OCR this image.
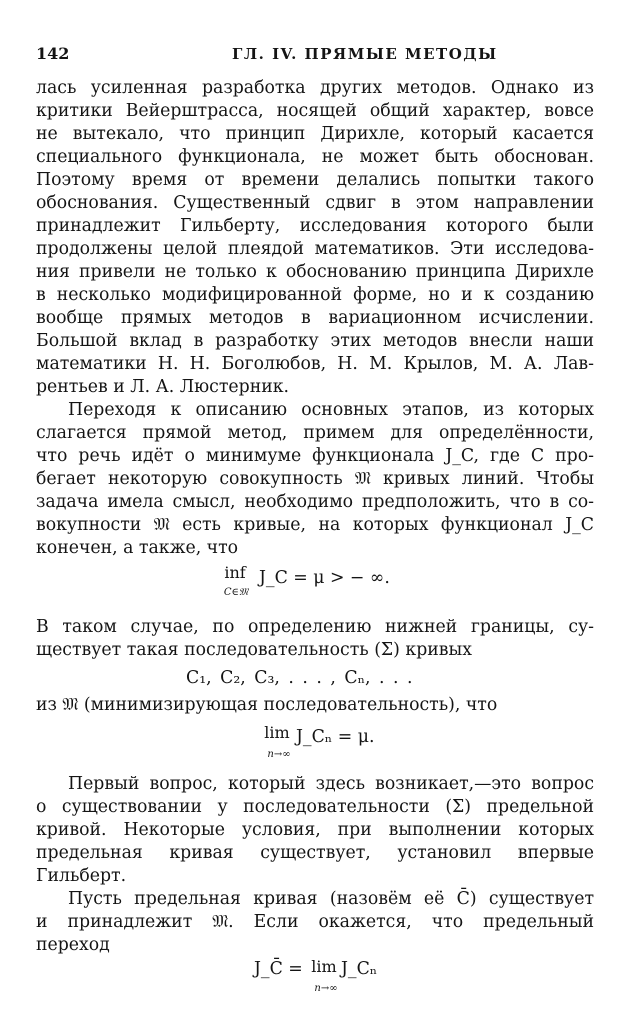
142	ГЛ. IV. ПРЯМЫЕ МЕТОДЫ
лась усиленная разработка других методов. Однако из
критики Вейерштрасса, носящей общий характер, вовсе
не вытекало, что принцип Дирихле, который касается
специального функционала, не может быть обоснован.
Поэтому время от времени делались попытки такого
обоснования. Существенный сдвиг в этом направлении
принадлежит Гильберту, исследования которого были
продолжены целой плеядой математиков. Эти исследова-
ния привели не только к обоснованию принципа Дирихле
в несколько модифицированной форме, но и к созданию
вообще прямых методов в вариационном исчислении.
Большой вклад в разработку этих методов внесли наши
математики Н. Н. Боголюбов, Н. М. Крылов, М. А. Лав-
рентьев и Л. А. Люстерник.
Переходя к описанию основных этапов, из которых
слагается прямой метод, примем для определённости,
что речь идёт о минимуме функционала J_C, где C про-
бегает некоторую совокупность 𝔐 кривых линий. Чтобы
задача имела смысл, необходимо предположить, что в со-
вокупности 𝔐 есть кривые, на которых функционал J_C
конечен, а также, что
inf
C∈𝔐
J_C = μ > − ∞.
В таком случае, по определению нижней границы, су-
ществует такая последовательность (Σ) кривых
C₁, C₂, C₃, . . . , Cₙ, . . .
из 𝔐 (минимизирующая последовательность), что
lim
n→∞
J_Cₙ = μ.
Первый вопрос, который здесь возникает,—это вопрос
о существовании у последовательности (Σ) предельной
кривой. Некоторые условия, при выполнении которых
предельная кривая существует, установил впервые
Гильберт.
Пусть предельная кривая (назовём её C̄) существует
и принадлежит 𝔐. Если окажется, что предельный
переход
J_C̄ = lim
n→∞
J_Cₙ
